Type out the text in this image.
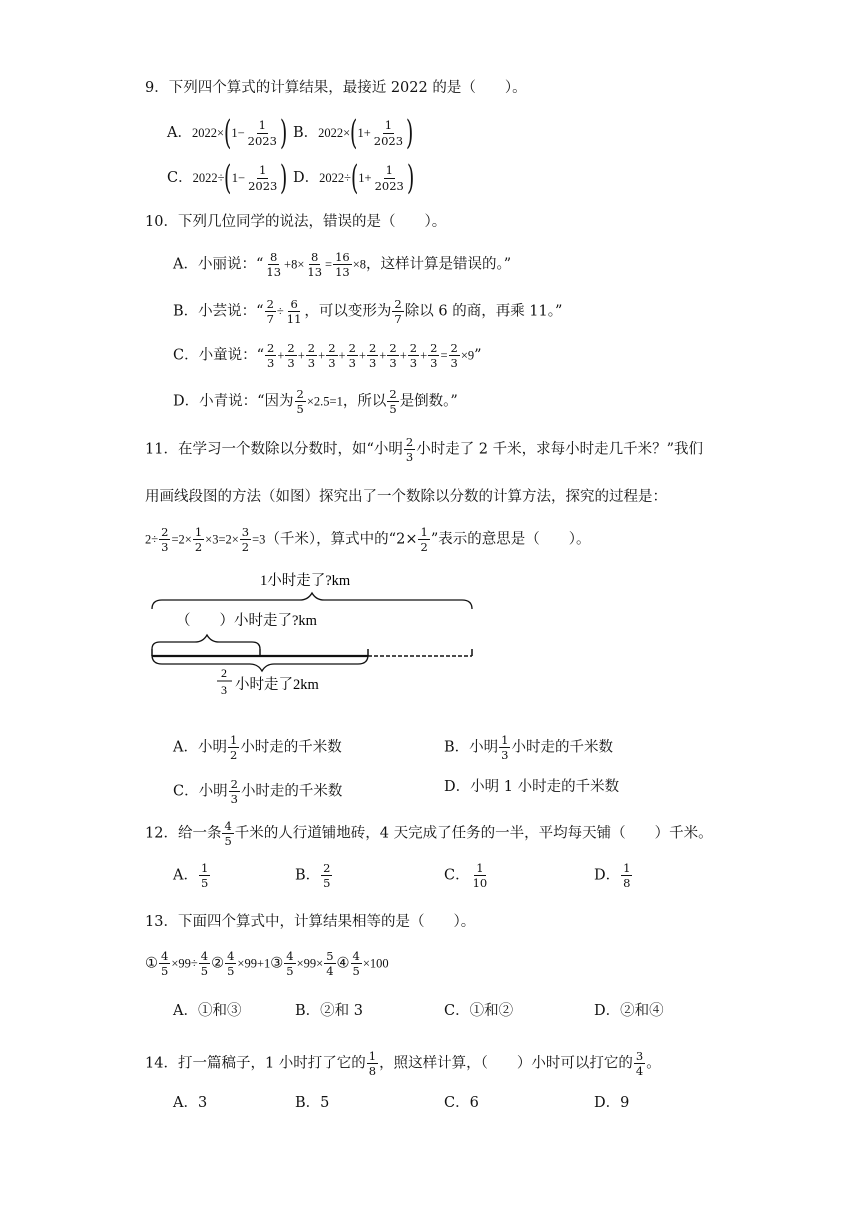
9．下列四个算式的计算结果，最接近 2022 的是（　　）。
A．$2022\times(1- \frac{1}{2023}$ ) B．$2022\times(1+ \frac{1}{2023}$ )
C．$2022\div(1- \frac{1}{2023}$ ) D．$2022\div(1+ \frac{1}{2023}$ )
10．下列几位同学的说法，错误的是（　　）。
A．小丽说：“ $\frac{8}{13} +8\times \frac{8}{13} = \frac{16}{13} \times 8$，这样计算是错误的。”
B．小芸说：“ $\frac{2}{7} \div \frac{6}{11}$ ，可以变形为 $\frac{2}{7}$ 除以 6 的商，再乘 11。”
C．小童说：“ $\frac{2}{3} + \frac{2}{3} + \frac{2}{3} + \frac{2}{3} + \frac{2}{3} + \frac{2}{3} + \frac{2}{3} + \frac{2}{3} + \frac{2}{3} = \frac{2}{3} \times 9$”
D．小青说：“因为 $\frac{2}{5} \times 2.5=1$，所以 $\frac{2}{5}$ 是倒数。”
11．在学习一个数除以分数时，如“小明 $\frac{2}{3}$ 小时走了 2 千米，求每小时走几千米？”我们
用画线段图的方法（如图）探究出了一个数除以分数的计算方法，探究的过程是：
$2\div \frac{2}{3} =2\times \frac{1}{2} \times 3=2\times \frac{3}{2} =3$（千米），算式中的“$2\times \frac{1}{2}$ ”表示的意思是（　　）。
1小时走了?km
（　　）小时走了?km
2
3 小时走了2km
A．小明 $\frac{1}{2}$ 小时走的千米数	B．小明 $\frac{1}{3}$ 小时走的千米数
C．小明 $\frac{2}{3}$ 小时走的千米数	D．小明 1 小时走的千米数
12．给一条 $\frac{4}{5}$ 千米的人行道铺地砖，4 天完成了任务的一半，平均每天铺（　　）千米。
A． $\frac{1}{5}$	B． $\frac{2}{5}$	C． $\frac{1}{10}$	D． $\frac{1}{8}$
13．下面四个算式中，计算结果相等的是（　　）。
① $\frac{4}{5} \times 99\div \frac{4}{5}$ ② $\frac{4}{5}$ ×99+1③ $\frac{4}{5} \times 99\times \frac{5}{4}$ ④ $\frac{4}{5} \times 100$
A．①和③	B．②和 3	C．①和②	D．②和④
14．打一篇稿子，1 小时打了它的 $\frac{1}{8}$ ，照这样计算，（　　）小时可以打它的 $\frac{3}{4}$ 。
A．3	B．5	C．6	D．9
